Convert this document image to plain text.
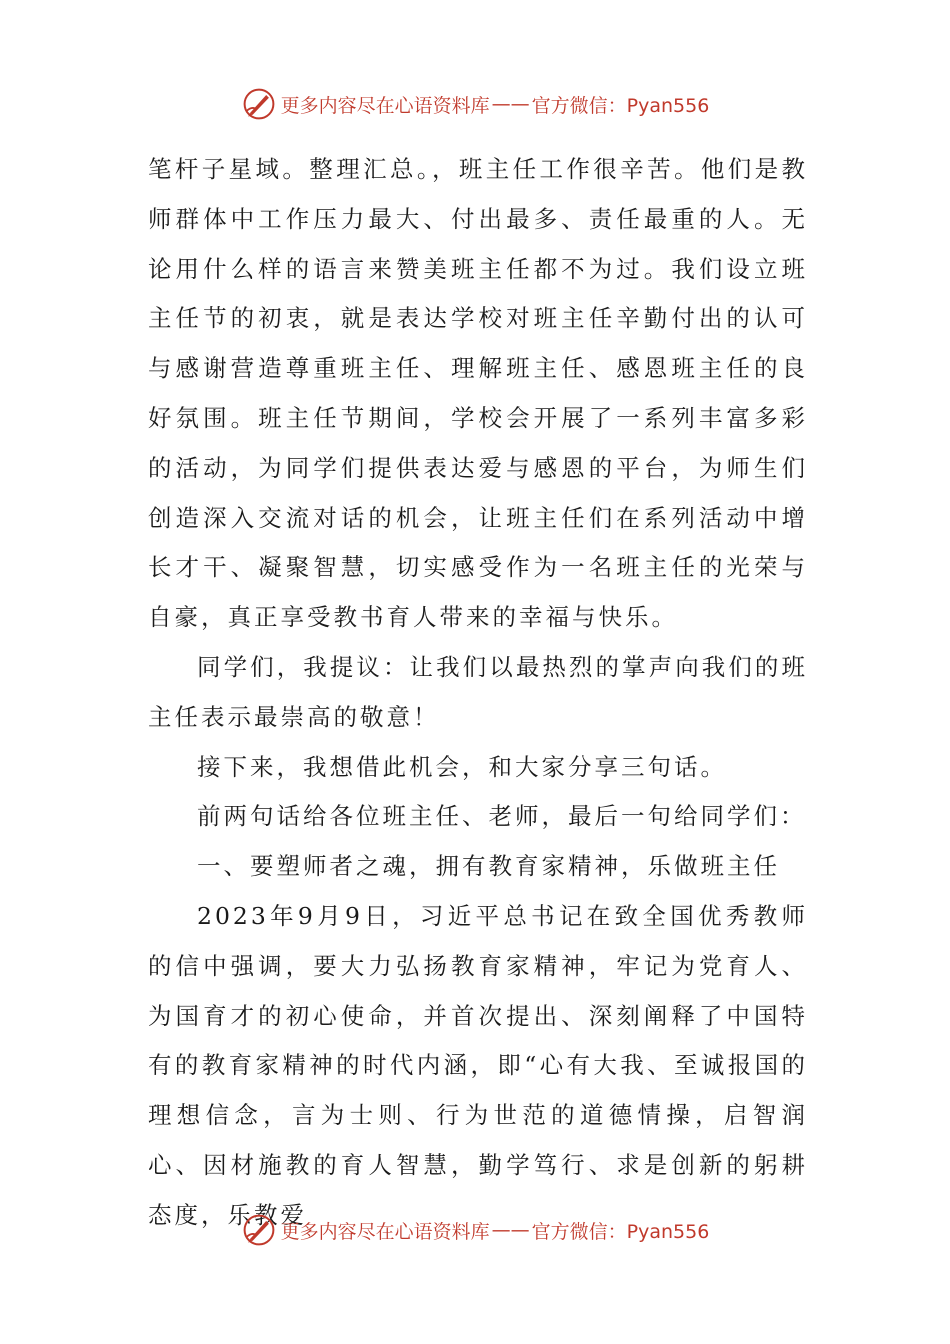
更多内容尽在心语资料库 —— 官方微信：Pyan556

笔杆子星域。整理汇总。，班主任工作很辛苦。他们是教师群体中工作压力最大、付出最多、责任最重的人。无论用什么样的语言来赞美班主任都不为过。我们设立班主任节的初衷，就是表达学校对班主任辛勤付出的认可与感谢营造尊重班主任、理解班主任、感恩班主任的良好氛围。班主任节期间，学校会开展了一系列丰富多彩的活动，为同学们提供表达爱与感恩的平台，为师生们创造深入交流对话的机会，让班主任们在系列活动中增长才干、凝聚智慧，切实感受作为一名班主任的光荣与自豪，真正享受教书育人带来的幸福与快乐。

同学们，我提议：让我们以最热烈的掌声向我们的班主任表示最崇高的敬意！

接下来，我想借此机会，和大家分享三句话。

前两句话给各位班主任、老师，最后一句给同学们：

一、要塑师者之魂，拥有教育家精神，乐做班主任

2023年9月9日，习近平总书记在致全国优秀教师的信中强调，要大力弘扬教育家精神，牢记为党育人、为国育才的初心使命，并首次提出、深刻阐释了中国特有的教育家精神的时代内涵，即“心有大我、至诚报国的理想信念，言为士则、行为世范的道德情操，启智润心、因材施教的育人智慧，勤学笃行、求是创新的躬耕态度，乐教爱

更多内容尽在心语资料库 —— 官方微信：Pyan556
